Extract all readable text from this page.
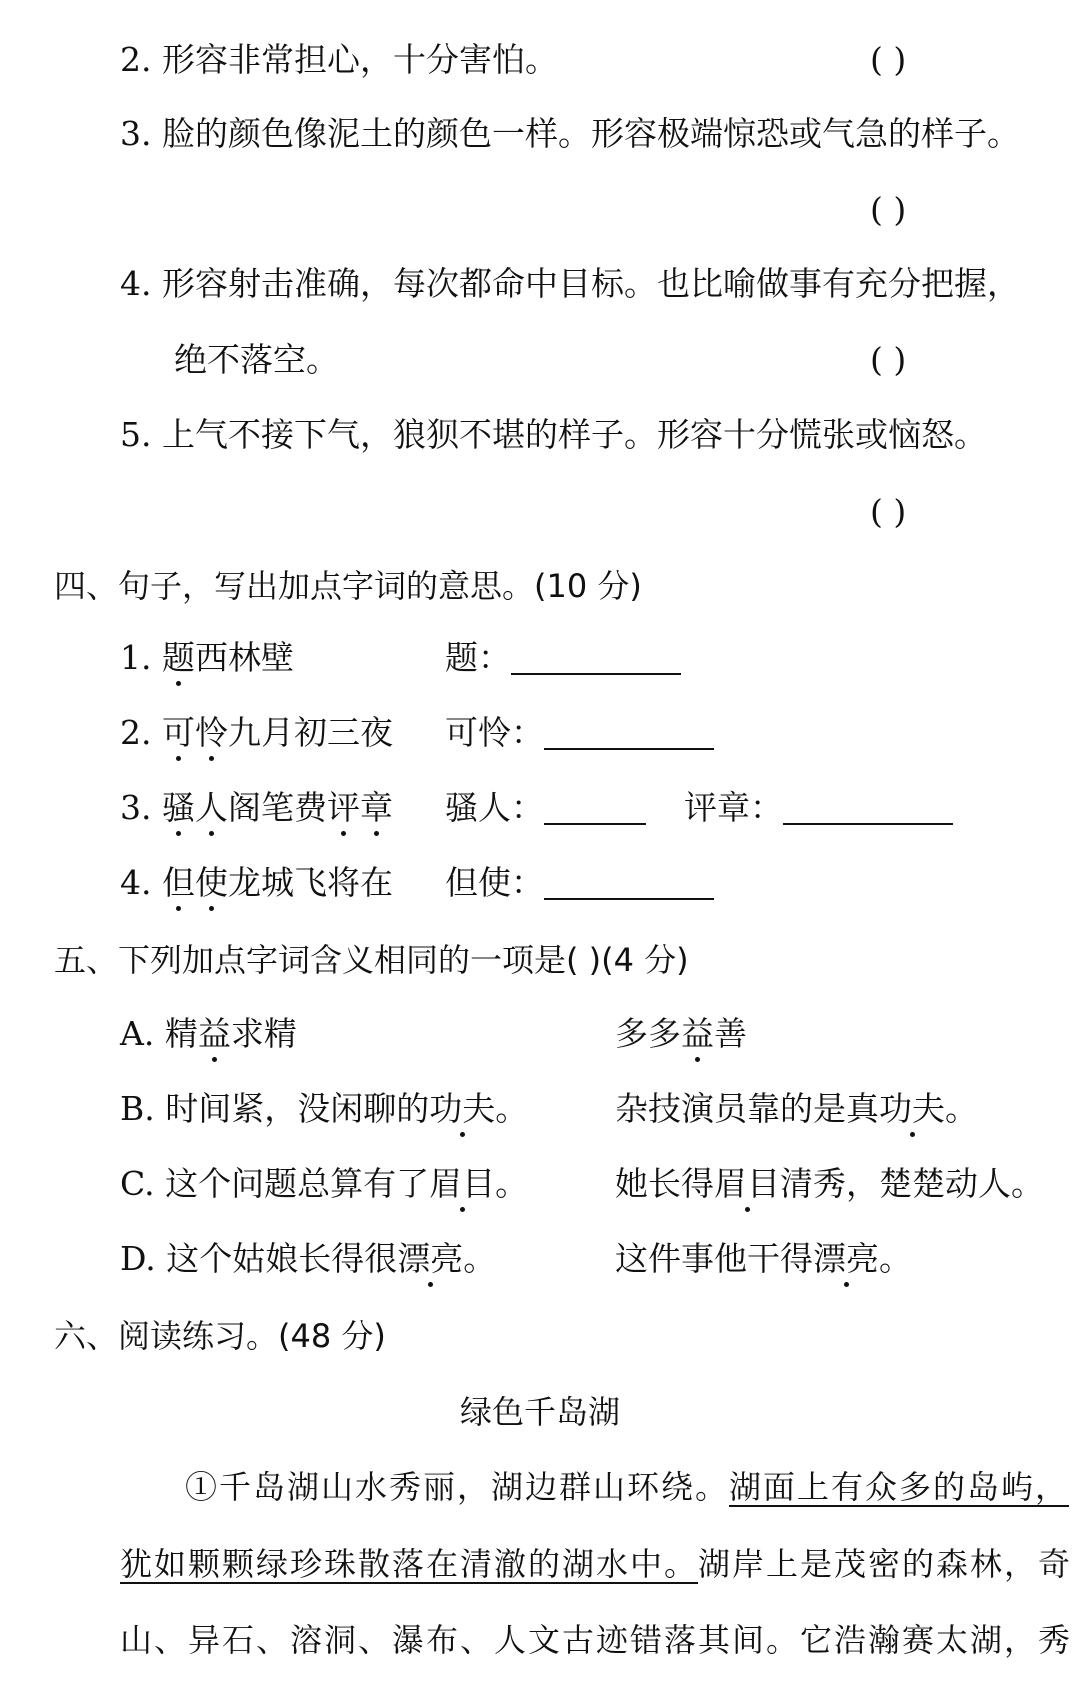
2. 形容非常担心，十分害怕。	( )
3. 脸的颜色像泥土的颜色一样。形容极端惊恐或气急的样子。
( )
4. 形容射击准确，每次都命中目标。也比喻做事有充分把握，
绝不落空。	( )
5. 上气不接下气，狼狈不堪的样子。形容十分慌张或恼怒。
( )
四、句子，写出加点字词的意思。(10 分)
1. 题西林壁	题：
2. 可怜九月初三夜 可怜：
3. 骚人阁笔费评章 骚人：	评章：
4. 但使龙城飞将在 但使：
五、下列加点字词含义相同的一项是( )(4 分)
A. 精益求精	多多益善
B. 时间紧，没闲聊的功夫。	杂技演员靠的是真功夫。
C. 这个问题总算有了眉目。	她长得眉目清秀，楚楚动人。
D. 这个姑娘长得很漂亮。	这件事他干得漂亮。
六、阅读练习。(48 分)
绿色千岛湖
①千岛湖山水秀丽，湖边群山环绕。湖面上有众多的岛屿，
犹如颗颗绿珍珠散落在清澈的湖水中。湖岸上是茂密的森林，奇
山、异石、溶洞、瀑布、人文古迹错落其间。它浩瀚赛太湖，秀
